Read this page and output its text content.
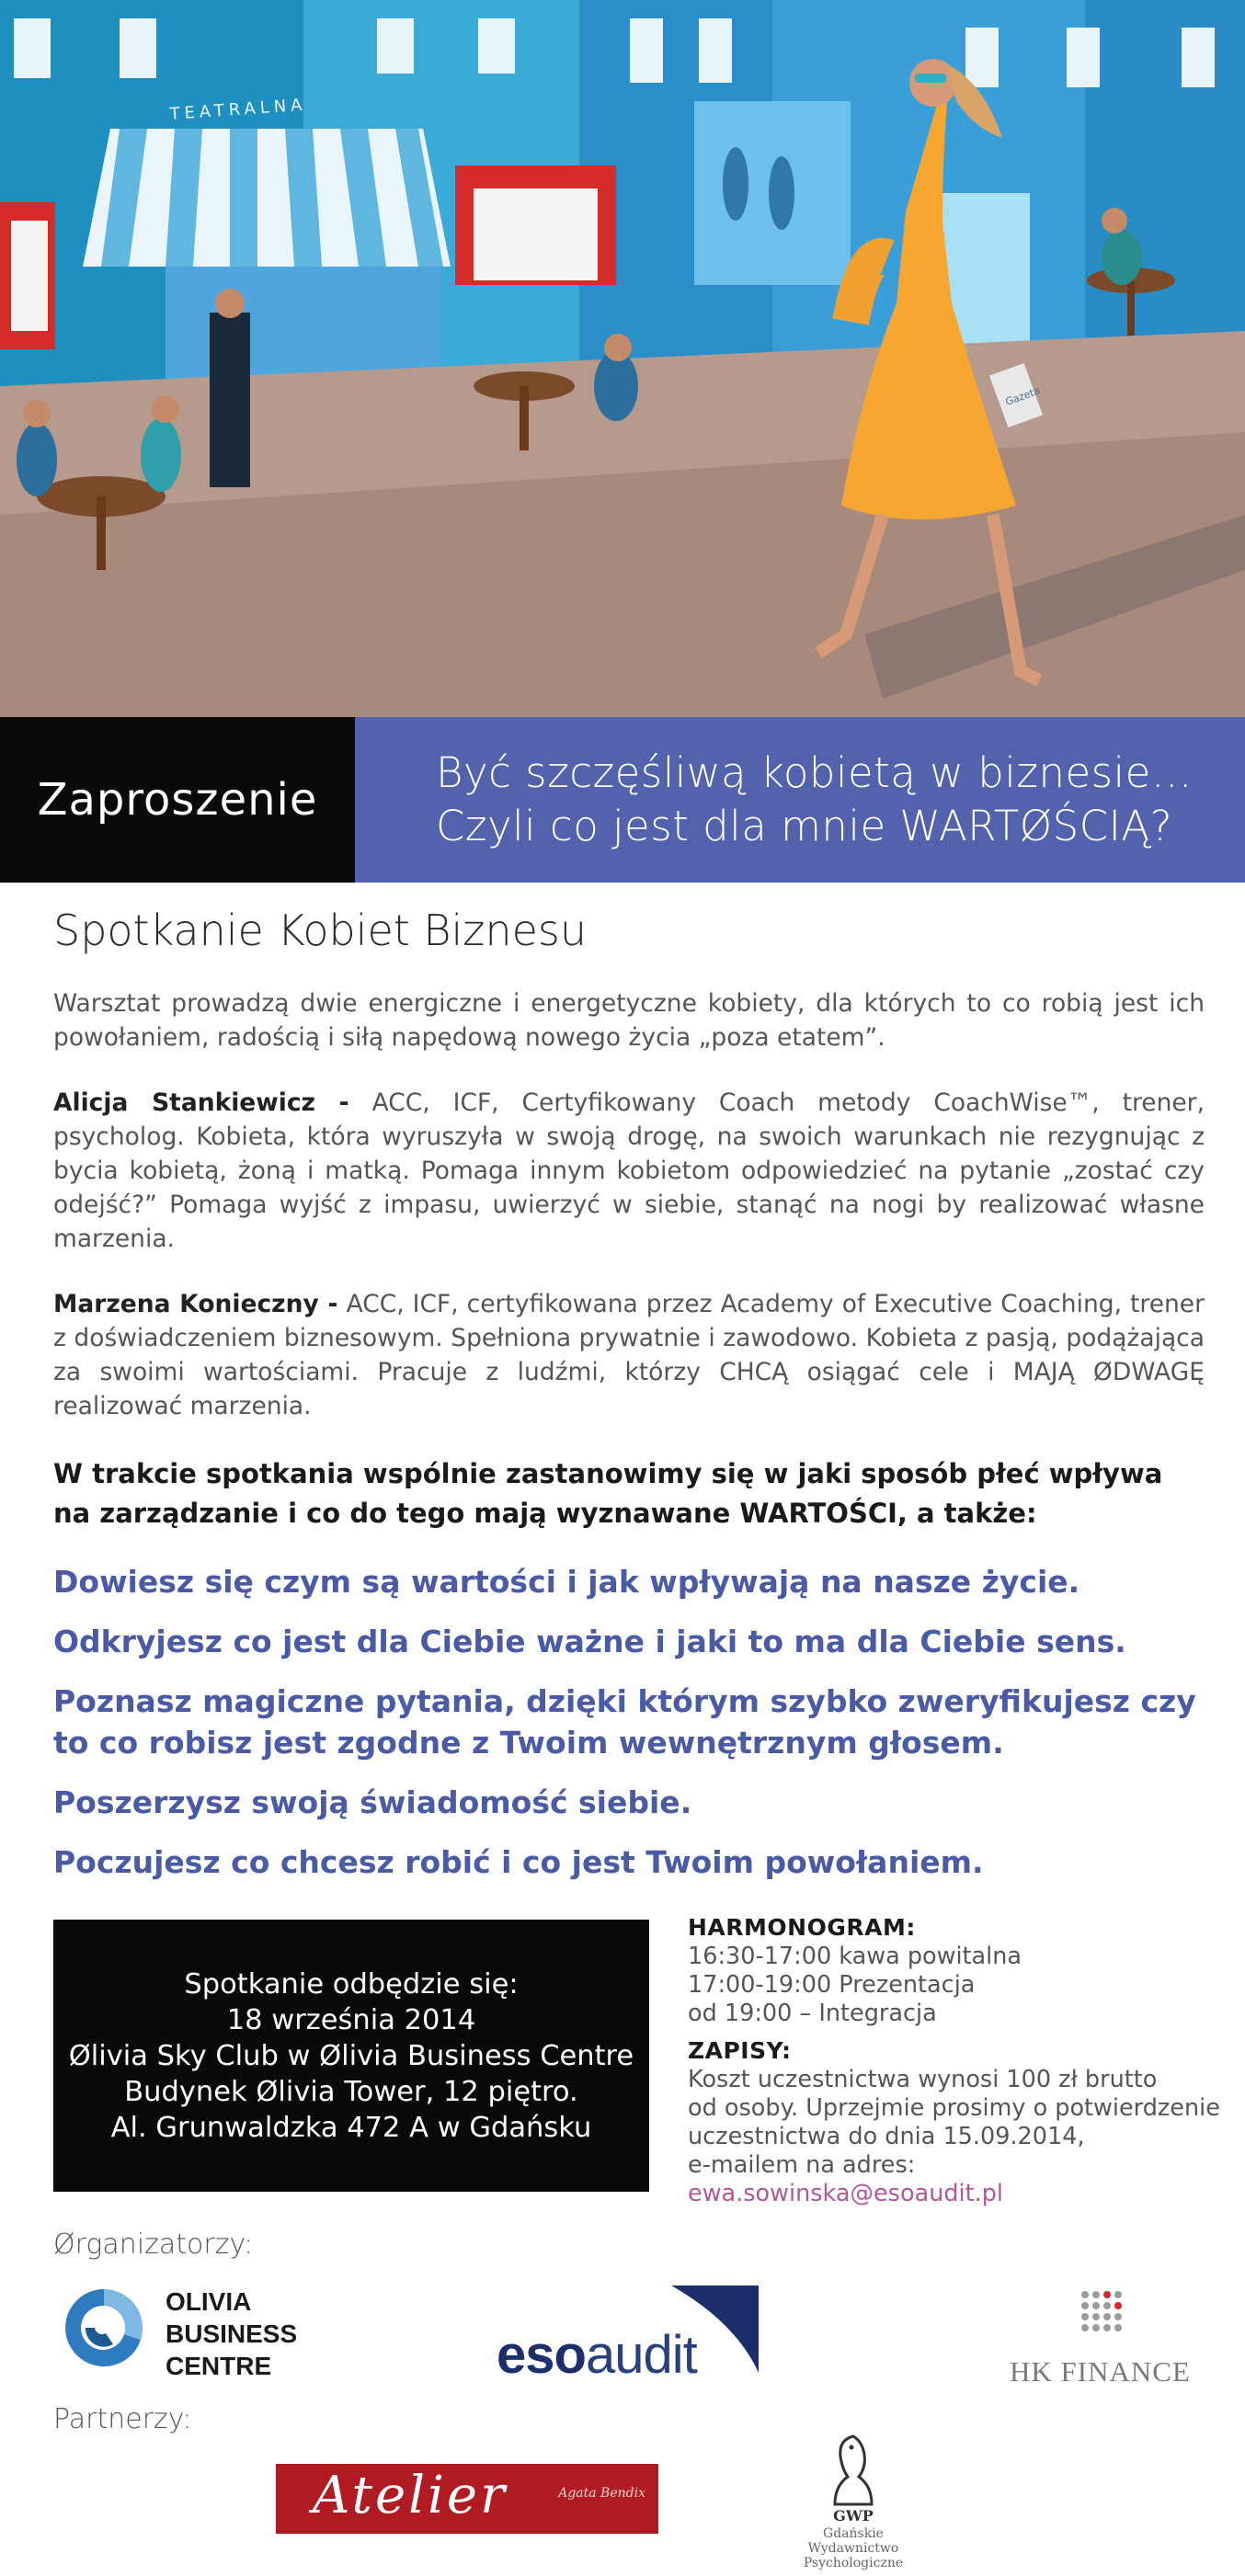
TEATRALNA
Gazeta
Zaproszenie
Być szczęśliwą kobietą w biznesie…
Czyli co jest dla mnie WARTØŚCIĄ?
Spotkanie Kobiet Biznesu

Warsztat prowadzą dwie energiczne i energetyczne kobiety, dla których to co robią jest ich powołaniem, radością i siłą napędową nowego życia „poza etatem”.

Alicja Stankiewicz - ACC, ICF, Certyfikowany Coach metody CoachWise™, trener, psycholog. Kobieta, która wyruszyła w swoją drogę, na swoich warunkach nie rezygnując z bycia kobietą, żoną i matką. Pomaga innym kobietom odpowiedzieć na pytanie „zostać czy odejść?” Pomaga wyjść z impasu, uwierzyć w siebie, stanąć na nogi by realizować własne marzenia.

Marzena Konieczny - ACC, ICF, certyfikowana przez Academy of Executive Coaching, trener z doświadczeniem biznesowym. Spełniona prywatnie i zawodowo. Kobieta z pasją, podążająca za swoimi wartościami. Pracuje z ludźmi, którzy CHCĄ osiągać cele i MAJĄ ØDWAGĘ realizować marzenia.

W trakcie spotkania wspólnie zastanowimy się w jaki sposób płeć wpływa na zarządzanie i co do tego mają wyznawane WARTOŚCI, a także:

Dowiesz się czym są wartości i jak wpływają na nasze życie.
Odkryjesz co jest dla Ciebie ważne i jaki to ma dla Ciebie sens.
Poznasz magiczne pytania, dzięki którym szybko zweryfikujesz czy to co robisz jest zgodne z Twoim wewnętrznym głosem.
Poszerzysz swoją świadomość siebie.
Poczujesz co chcesz robić i co jest Twoim powołaniem.
Spotkanie odbędzie się:
18 września 2014
Ølivia Sky Club w Ølivia Business Centre
Budynek Ølivia Tower, 12 piętro.
Al. Grunwaldzka 472 A w Gdańsku
HARMONOGRAM:
16:30-17:00 kawa powitalna
17:00-19:00 Prezentacja
od 19:00 – Integracja
ZAPISY:
Koszt uczestnictwa wynosi 100 zł brutto
od osoby. Uprzejmie prosimy o potwierdzenie
uczestnictwa do dnia 15.09.2014,
e-mailem na adres: ewa.sowinska@esoaudit.pl
Ørganizatorzy:
OLIVIA
BUSINESS
CENTRE	esoaudit	HK FINANCE
Partnerzy:
Atelier	Agata Bendix
GWP
Gdańskie Wydawnictwo
Psychologiczne
